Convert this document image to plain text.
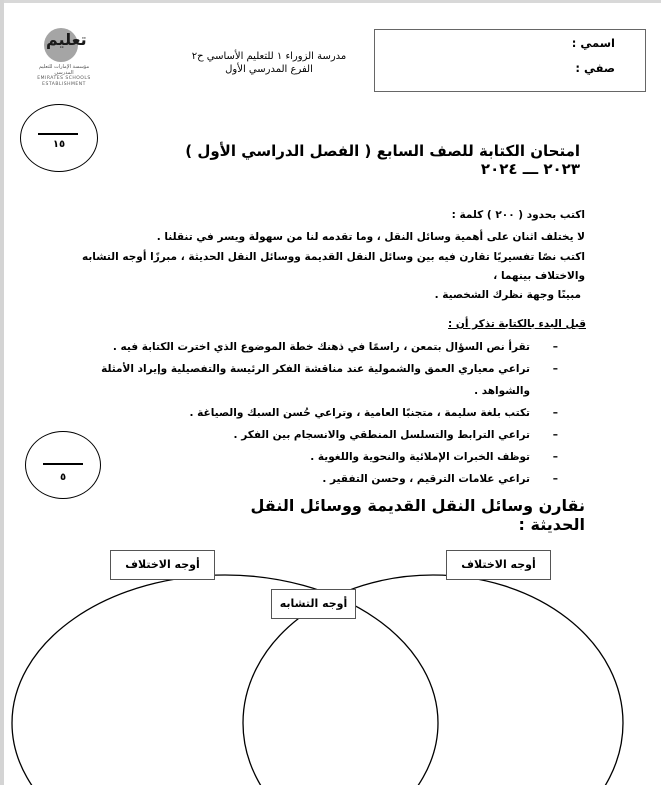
تعليم
مؤسسة الإمارات للتعليم المدرسي
EMIRATES SCHOOLS
ESTABLISHMENT
مدرسة الزوراء ١ للتعليم الأساسي ح٢
الفرع المدرسي الأول
اسمي :
صفي :
١٥	امتحان الكتابة للصف السابع ( الفصل الدراسي الأول ) ٢٠٢٣ ـــ ٢٠٢٤
اكتب بحدود ( ٢٠٠ ) كلمة :
لا يختلف اثنان على أهمية وسائل النقل ، وما تقدمه لنا من سهولة ويسر في تنقلنا .
اكتب نصًا تفسيريًا تقارن فيه بين وسائل النقل القديمة ووسائل النقل الحديثة ، مبرزًا أوجه التشابه والاختلاف بينهما ،
مبينًا وجهة نظرك الشخصية .
قبل البدء بالكتابة تذكر أن :
–
تقرأ نص السؤال بتمعن ، راسمًا في ذهنك خطة الموضوع الذي اخترت الكتابة فيه .
–
تراعي معياري العمق والشمولية عند مناقشة الفكر الرئيسة والتفصيلية وإيراد الأمثلة والشواهد .
–
تكتب بلغة سليمة ، متجنبًا العامية ، وتراعي حُسن السبك والصياغة .
–
تراعي الترابط والتسلسل المنطقي والانسجام بين الفكر .
–
توظف الخبرات الإملائية والنحوية واللغوية .
–
تراعي علامات الترقيم ، وحسن التفقير .
٥
نقارن وسائل النقل القديمة ووسائل النقل الحديثة :
أوجه الاختلاف	أوجه الاختلاف
أوجه التشابه
